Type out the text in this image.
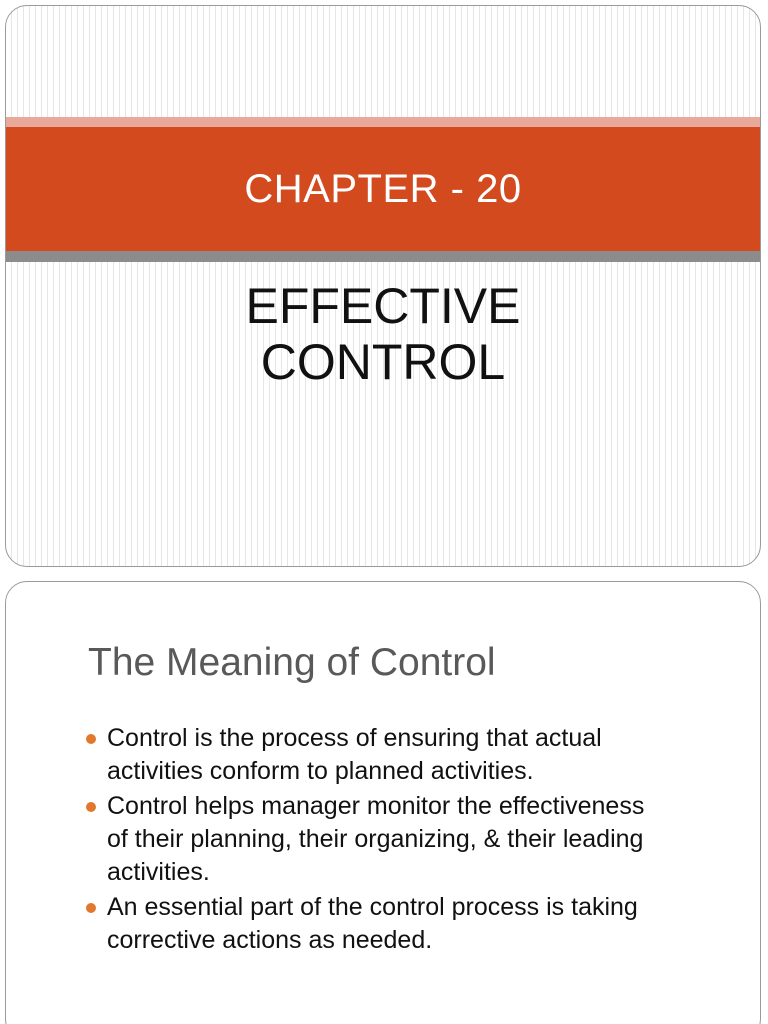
CHAPTER - 20
EFFECTIVE
CONTROL
The Meaning of Control
Control is the process of ensuring that actual
activities conform to planned activities.
Control helps manager monitor the effectiveness
of their planning, their organizing, & their leading
activities.
An essential part of the control process is taking
corrective actions as needed.
